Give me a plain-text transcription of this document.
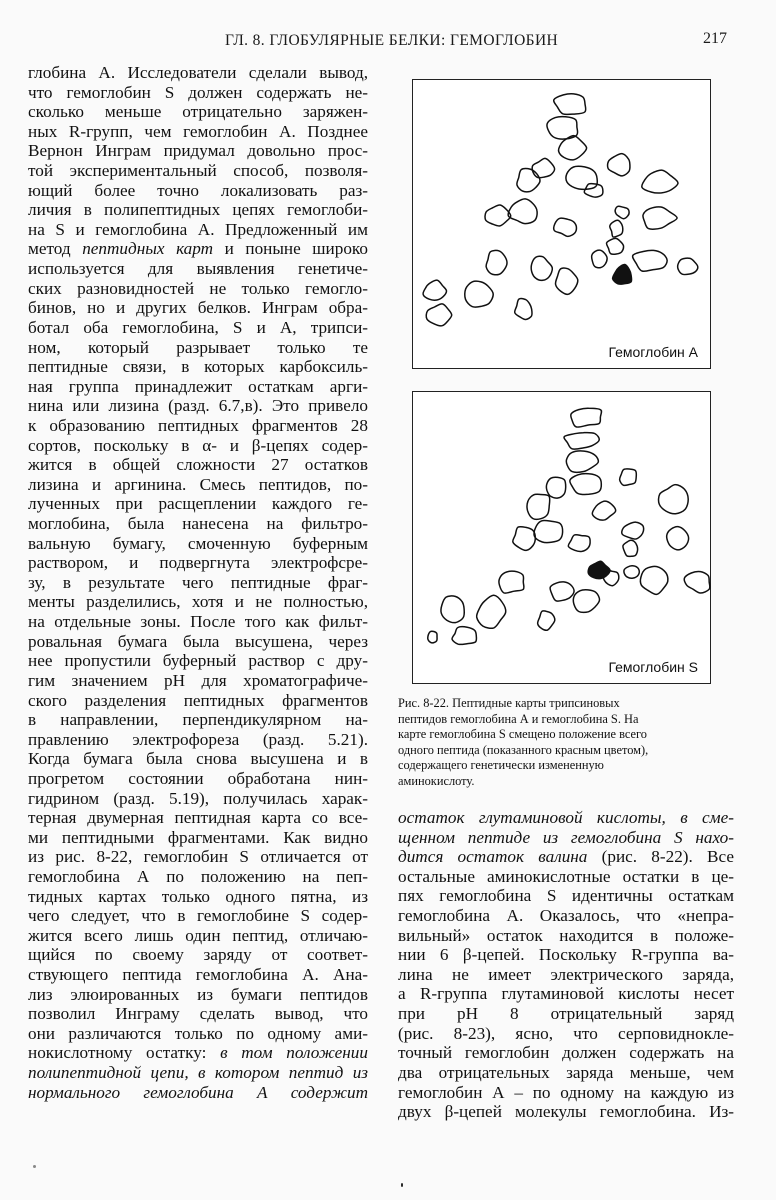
ГЛ. 8. ГЛОБУЛЯРНЫЕ БЕЛКИ: ГЕМОГЛОБИН	217
глобина А. Исследователи сделали вывод,
что гемоглобин S должен содержать не-
сколько меньше отрицательно заряжен-
ных R-групп, чем гемоглобин А. Позднее
Вернон Инграм придумал довольно прос-
той экспериментальный способ, позволя-
ющий более точно локализовать раз-
личия в полипептидных цепях гемоглоби-
на S и гемоглобина А. Предложенный им
метод пептидных карт и поныне широко
используется для выявления генетиче-
ских разновидностей не только гемогло-
бинов, но и других белков. Инграм обра-
ботал оба гемоглобина, S и А, трипси-
ном, который разрывает только те
пептидные связи, в которых карбоксиль-
ная группа принадлежит остаткам арги-
нина или лизина (разд. 6.7,в). Это привело
к образованию пептидных фрагментов 28
сортов, поскольку в α- и β-цепях содер-
жится в общей сложности 27 остатков
лизина и аргинина. Смесь пептидов, по-
лученных при расщеплении каждого ге-
моглобина, была нанесена на фильтро-
вальную бумагу, смоченную буферным
раствором, и подвергнута электрофсре-
зу, в результате чего пептидные фраг-
менты разделились, хотя и не полностью,
на отдельные зоны. После того как фильт-
ровальная бумага была высушена, через
нее пропустили буферный раствор с дру-
гим значением pH для хроматографиче-
ского разделения пептидных фрагментов
в направлении, перпендикулярном на-
правлению электрофореза (разд. 5.21).
Когда бумага была снова высушена и в
прогретом состоянии обработана нин-
гидрином (разд. 5.19), получилась харак-
терная двумерная пептидная карта со все-
ми пептидными фрагментами. Как видно
из рис. 8-22, гемоглобин S отличается от
гемоглобина А по положению на пеп-
тидных картах только одного пятна, из
чего следует, что в гемоглобине S содер-
жится всего лишь один пептид, отличаю-
щийся по своему заряду от соответ-
ствующего пептида гемоглобина А. Ана-
лиз элюированных из бумаги пептидов
позволил Инграму сделать вывод, что
они различаются только по одному ами-
нокислотному остатку: в том положении
полипептидной цепи, в котором пептид из
нормального гемоглобина А содержит
Гемоглобин А
Гемоглобин S
Рис. 8-22. Пептидные карты трипсиновых
пептидов гемоглобина А и гемоглобина S. На
карте гемоглобина S смещено положение всего
одного пептида (показанного красным цветом),
содержащего генетически измененную
аминокислоту.
остаток глутаминовой кислоты, в сме-
щенном пептиде из гемоглобина S нахо-
дится остаток валина (рис. 8-22). Все
остальные аминокислотные остатки в це-
пях гемоглобина S идентичны остаткам
гемоглобина А. Оказалось, что «непра-
вильный» остаток находится в положе-
нии 6 β-цепей. Поскольку R-группа ва-
лина не имеет электрического заряда,
а R-группа глутаминовой кислоты несет
при pH 8 отрицательный заряд
(рис. 8-23), ясно, что серповидноклe-
точный гемоглобин должен содержать на
два отрицательных заряда меньше, чем
гемоглобин А – по одному на каждую из
двух β-цепей молекулы гемоглобина. Из-
